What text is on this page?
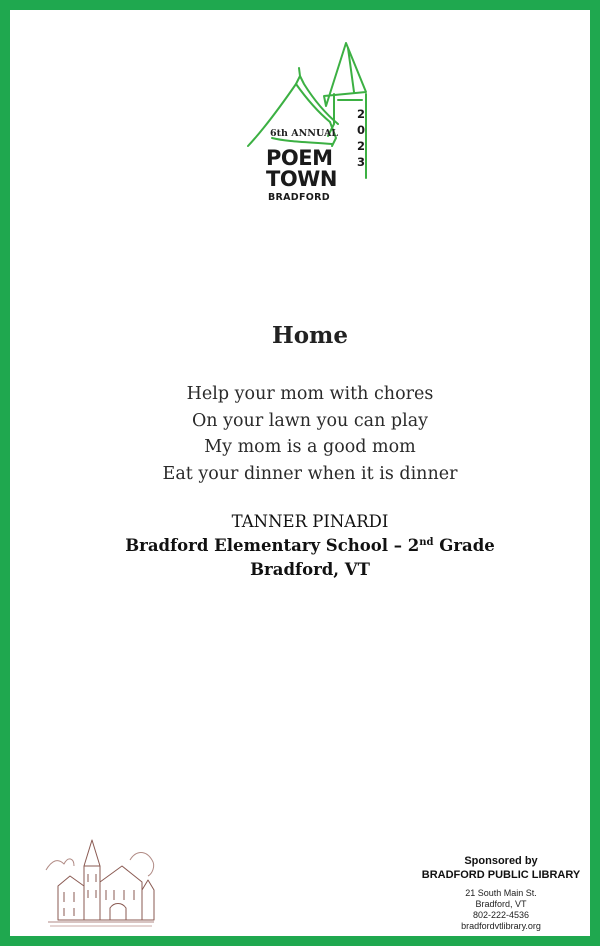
6th ANNUAL
POEM
TOWN
BRADFORD
2
0
2
3
Home
Help your mom with chores
On your lawn you can play
My mom is a good mom
Eat your dinner when it is dinner
TANNER PINARDI
Bradford Elementary School – 2nd Grade
Bradford, VT
Sponsored by
BRADFORD PUBLIC LIBRARY
21 South Main St.
Bradford, VT
802-222-4536
bradfordvtlibrary.org
